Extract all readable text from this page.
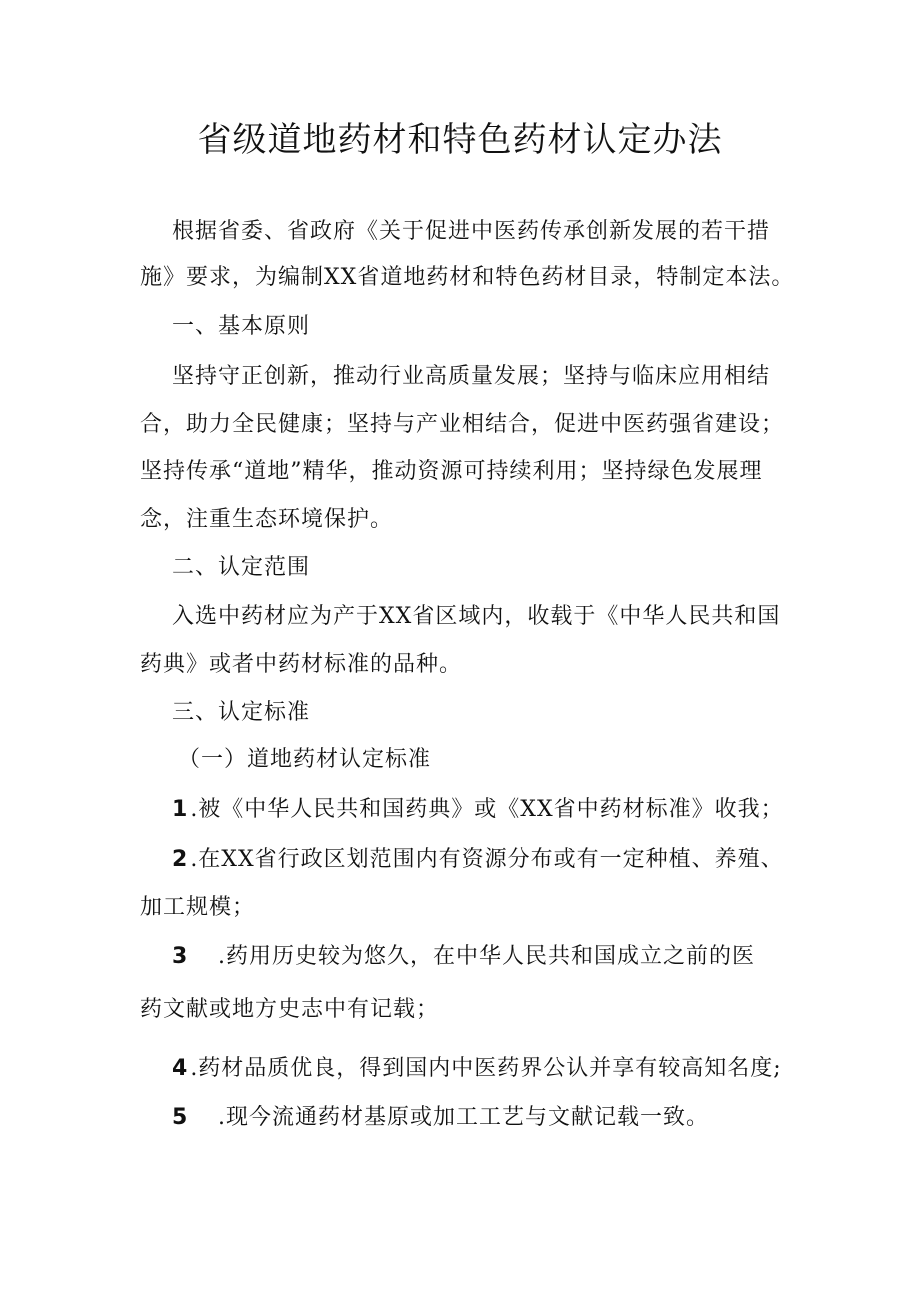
省级道地药材和特色药材认定办法
根据省委、省政府《关于促进中医药传承创新发展的若干措
施》要求，为编制XX省道地药材和特色药材目录，特制定本法。
一、基本原则
坚持守正创新，推动行业高质量发展；坚持与临床应用相结
合，助力全民健康；坚持与产业相结合，促进中医药强省建设；
坚持传承“道地”精华，推动资源可持续利用；坚持绿色发展理
念，注重生态环境保护。
二、认定范围
入选中药材应为产于XX省区域内，收载于《中华人民共和国
药典》或者中药材标准的品种。
三、认定标准
（一）道地药材认定标准
1.被《中华人民共和国药典》或《XX省中药材标准》收我；
2.在XX省行政区划范围内有资源分布或有一定种植、养殖、
加工规模；
3 .药用历史较为悠久，在中华人民共和国成立之前的医
药文献或地方史志中有记载；
4.药材品质优良，得到国内中医药界公认并享有较高知名度;
5 .现今流通药材基原或加工工艺与文献记载一致。
